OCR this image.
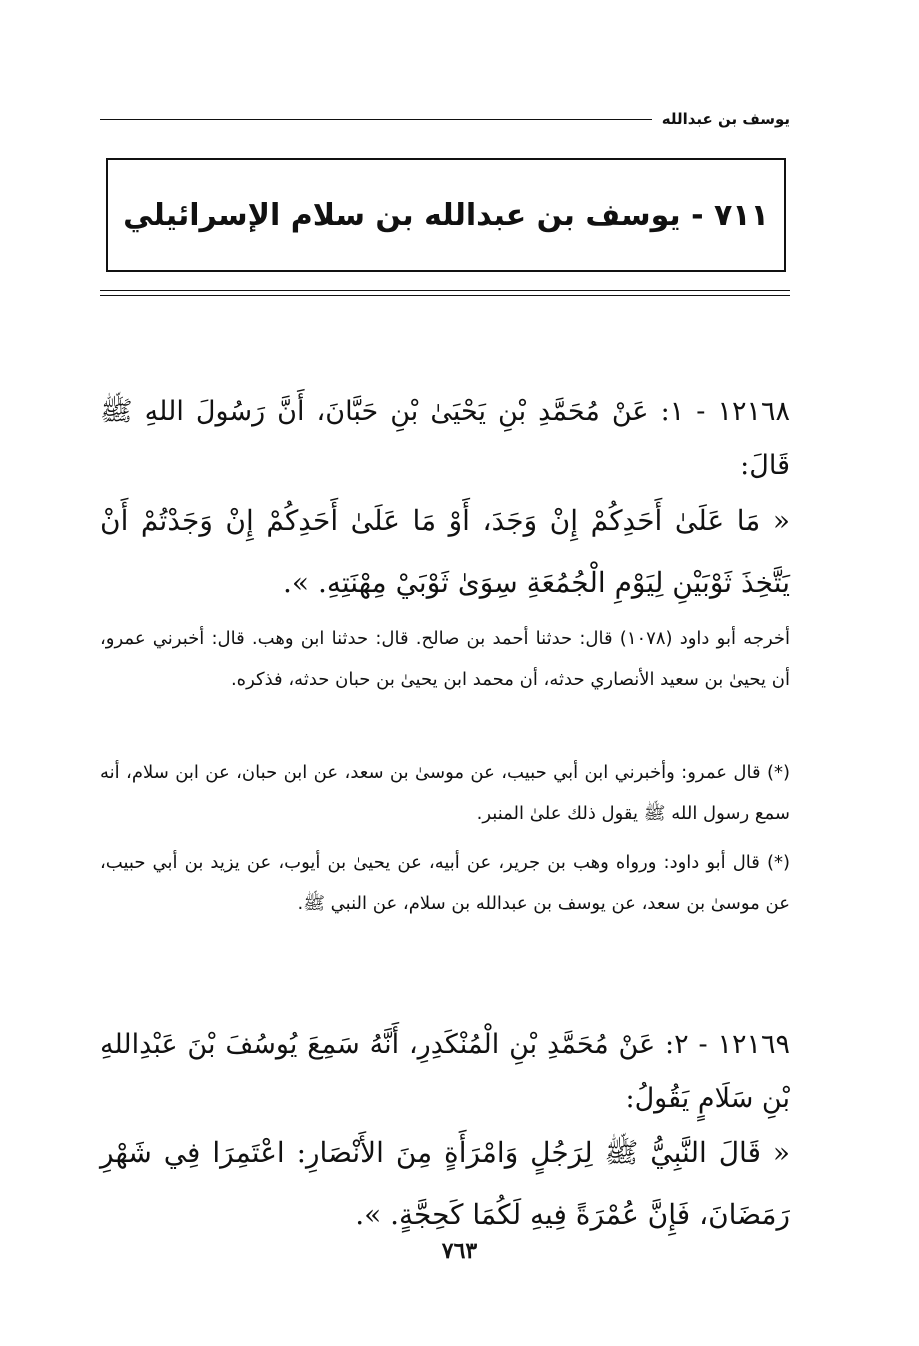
يوسف بن عبدالله
٧١١ - يوسف بن عبدالله بن سلام الإسرائيلي
١٢١٦٨ - ١: عَنْ مُحَمَّدِ بْنِ يَحْيَىٰ بْنِ حَبَّانَ، أَنَّ رَسُولَ اللهِ ﷺ قَالَ:
« مَا عَلَىٰ أَحَدِكُمْ إِنْ وَجَدَ، أَوْ مَا عَلَىٰ أَحَدِكُمْ إِنْ وَجَدْتُمْ أَنْ يَتَّخِذَ ثَوْبَيْنِ لِيَوْمِ الْجُمُعَةِ سِوَىٰ ثَوْبَيْ مِهْنَتِهِ. ».
أخرجه أبو داود (١٠٧٨) قال: حدثنا أحمد بن صالح. قال: حدثنا ابن وهب. قال: أخبرني عمرو، أن يحيىٰ بن سعيد الأنصاري حدثه، أن محمد ابن يحيىٰ بن حبان حدثه، فذكره.
(*) قال عمرو: وأخبرني ابن أبي حبيب، عن موسىٰ بن سعد، عن ابن حبان، عن ابن سلام، أنه سمع رسول الله ﷺ يقول ذلك علىٰ المنبر.
(*) قال أبو داود: ورواه وهب بن جرير، عن أبيه، عن يحيىٰ بن أيوب، عن يزيد بن أبي حبيب، عن موسىٰ بن سعد، عن يوسف بن عبدالله بن سلام، عن النبي ﷺ.
١٢١٦٩ - ٢: عَنْ مُحَمَّدِ بْنِ الْمُنْكَدِرِ، أَنَّهُ سَمِعَ يُوسُفَ بْنَ عَبْدِاللهِ بْنِ سَلَامٍ يَقُولُ:
« قَالَ النَّبِيُّ ﷺ لِرَجُلٍ وَامْرَأَةٍ مِنَ الأَنْصَارِ: اعْتَمِرَا فِي شَهْرِ رَمَضَانَ، فَإِنَّ عُمْرَةً فِيهِ لَكُمَا كَحِجَّةٍ. ».
٧٦٣
